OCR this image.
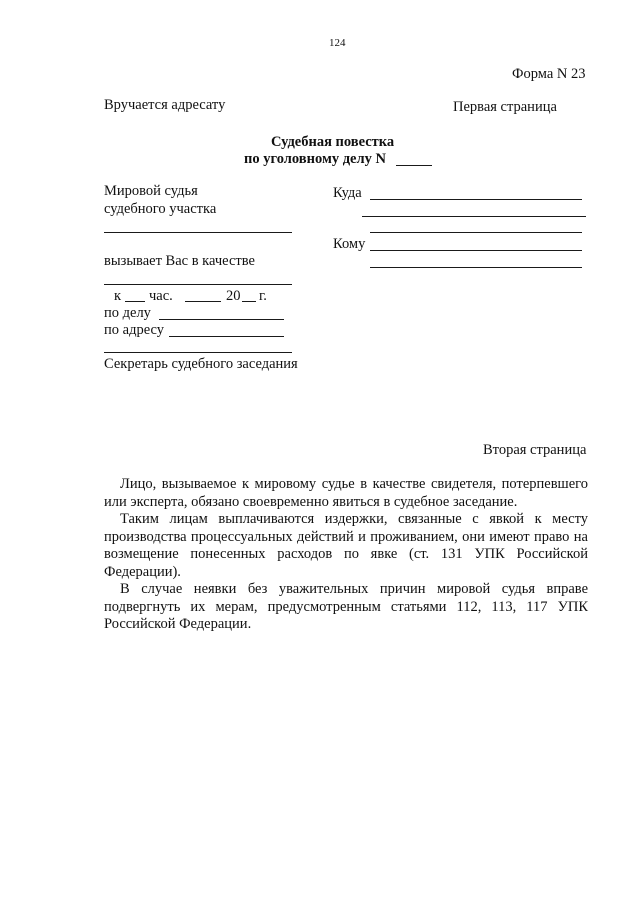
124
Форма N 23
Вручается адресату	Первая страница
Судебная повестка
по уголовному делу N
Мировой судья
судебного участка
вызывает Вас в качестве
к час.	20 г.
по делу
по адресу
Секретарь судебного заседания
Куда
Кому
Вторая страница

Лицо, вызываемое к мировому судье в качестве свидетеля, потерпевшего или эксперта, обязано своевременно явиться в судебное заседание.

Таким лицам выплачиваются издержки, связанные с явкой к месту производства процессуальных действий и проживанием, они имеют право на возмещение понесенных расходов по явке (ст. 131 УПК Российской Федерации).

В случае неявки без уважительных причин мировой судья вправе подвергнуть их мерам, предусмотренным статьями 112, 113, 117 УПК Российской Федерации.
